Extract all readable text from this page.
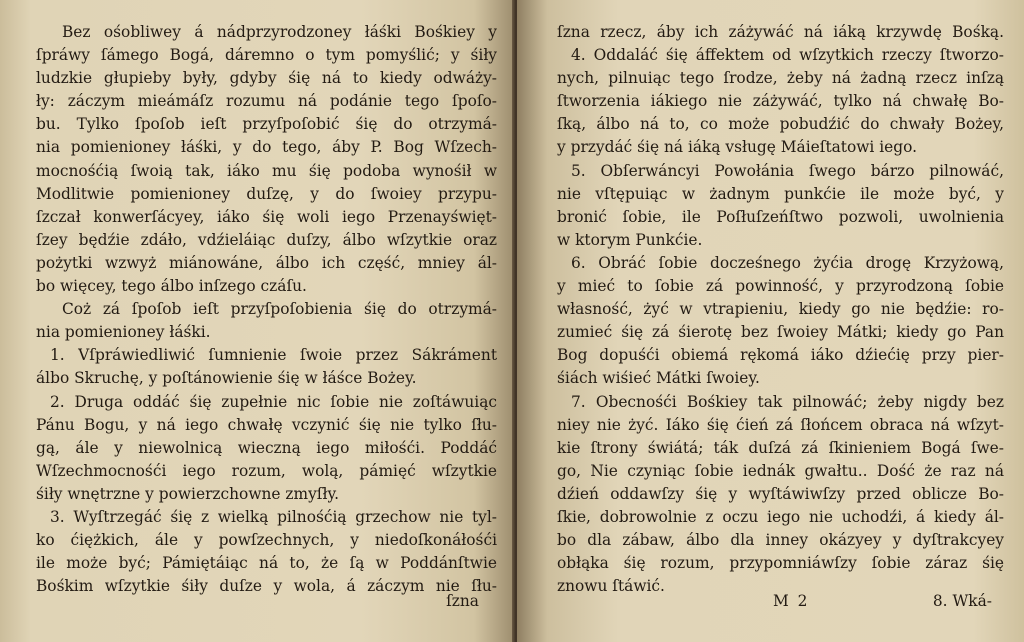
Bez ośobliwey á nádprzyrodzoney łáśki Bośkiey y
ſpráwy ſámego Bogá, dáremno o tym pomyślić; y śiły
ludzkie głupieby były, gdyby śię ná to kiedy odwáży-
ły: záczym mieámáſz rozumu ná podánie tego ſpoſo-
bu. Tylko ſpoſob ieſt przyſpoſobić śię do otrzymá-
nia pomienioney łáśki, y do tego, áby P. Bog Wſzech-
mocnośćią ſwoią tak, iáko mu śię podoba wynośił w
Modlitwie pomienioney duſzę, y do ſwoiey przypu-
ſzczał konwerſácyey, iáko śię woli iego Przenayświęt-
ſzey będźie zdáło, vdźieláiąc duſzy, álbo wſzytkie oraz
pożytki wzwyż miánowáne, álbo ich część, mniey ál-
bo więcey, tego álbo inſzego czáſu.
Coż zá ſpoſob ieſt przyſpoſobienia śię do otrzymá-
nia pomienioney łáśki.
1. Vſpráwiedliwić ſumnienie ſwoie przez Sákráment
álbo Skruchę, y poſtánowienie śię w łáśce Bożey.
2. Druga oddáć śię zupełnie nic ſobie nie zoſtáwuiąc
Pánu Bogu, y ná iego chwałę vczynić śię nie tylko ſłu-
gą, ále y niewolnicą wieczną iego miłośći. Poddáć
Wſzechmocnośći iego rozum, wolą, pámięć wſzytkie
śiły wnętrzne y powierzchowne zmyſły.
3. Wyſtrzegáć śię z wielką pilnośćią grzechow nie tyl-
ko ćiężkich, ále y powſzechnych, y niedoſkonáłośći
ile może być; Pámiętáiąc ná to, że ſą w Poddánſtwie
Bośkim wſzytkie śiły duſze y wola, á záczym nie ſłu-
ſzna
ſzna rzecz, áby ich záżywáć ná iáką krzywdę Bośką.
4. Oddaláć śię áffektem od wſzytkich rzeczy ſtworzo-
nych, pilnuiąc tego ſrodze, żeby ná żadną rzecz inſzą
ſtworzenia iákiego nie záżywáć, tylko ná chwałę Bo-
ſką, álbo ná to, co może pobudźić do chwały Bożey,
y przydáć śię ná iáką vsługę Máieſtatowi iego.
5. Obſerwáncyi Powołánia ſwego bárzo pilnowáć,
nie vſtępuiąc w żadnym punkćie ile może być, y
bronić ſobie, ile Poſłuſzeńſtwo pozwoli, uwolnienia
w ktorym Punkćie.
6. Obráć ſobie docześnego żyćia drogę Krzyżową,
y mieć to ſobie zá powinność, y przyrodzoną ſobie
własność, żyć w vtrapieniu, kiedy go nie będźie: ro-
zumieć śię zá śierotę bez ſwoiey Mátki; kiedy go Pan
Bog dopuśći obiemá rękomá iáko dźiećię przy pier-
śiách wiśieć Mátki ſwoiey.
7. Obecnośći Bośkiey tak pilnowáć; żeby nigdy bez
niey nie żyć. Iáko śię ćień zá ſłońcem obraca ná wſzyt-
kie ſtrony świátá; ták duſzá zá ſkinieniem Bogá ſwe-
go, Nie czyniąc ſobie iednák gwałtu.. Dość że raz ná
dźień oddawſzy śię y wyſtáwiwſzy przed oblicze Bo-
ſkie, dobrowolnie z oczu iego nie uchodźi, á kiedy ál-
bo dla zábaw, álbo dla inney okázyey y dyſtrakcyey
obłąka śię rozum, przypomniáwſzy ſobie záraz śię
znowu ſtáwić.
M 2	8. Wká-
